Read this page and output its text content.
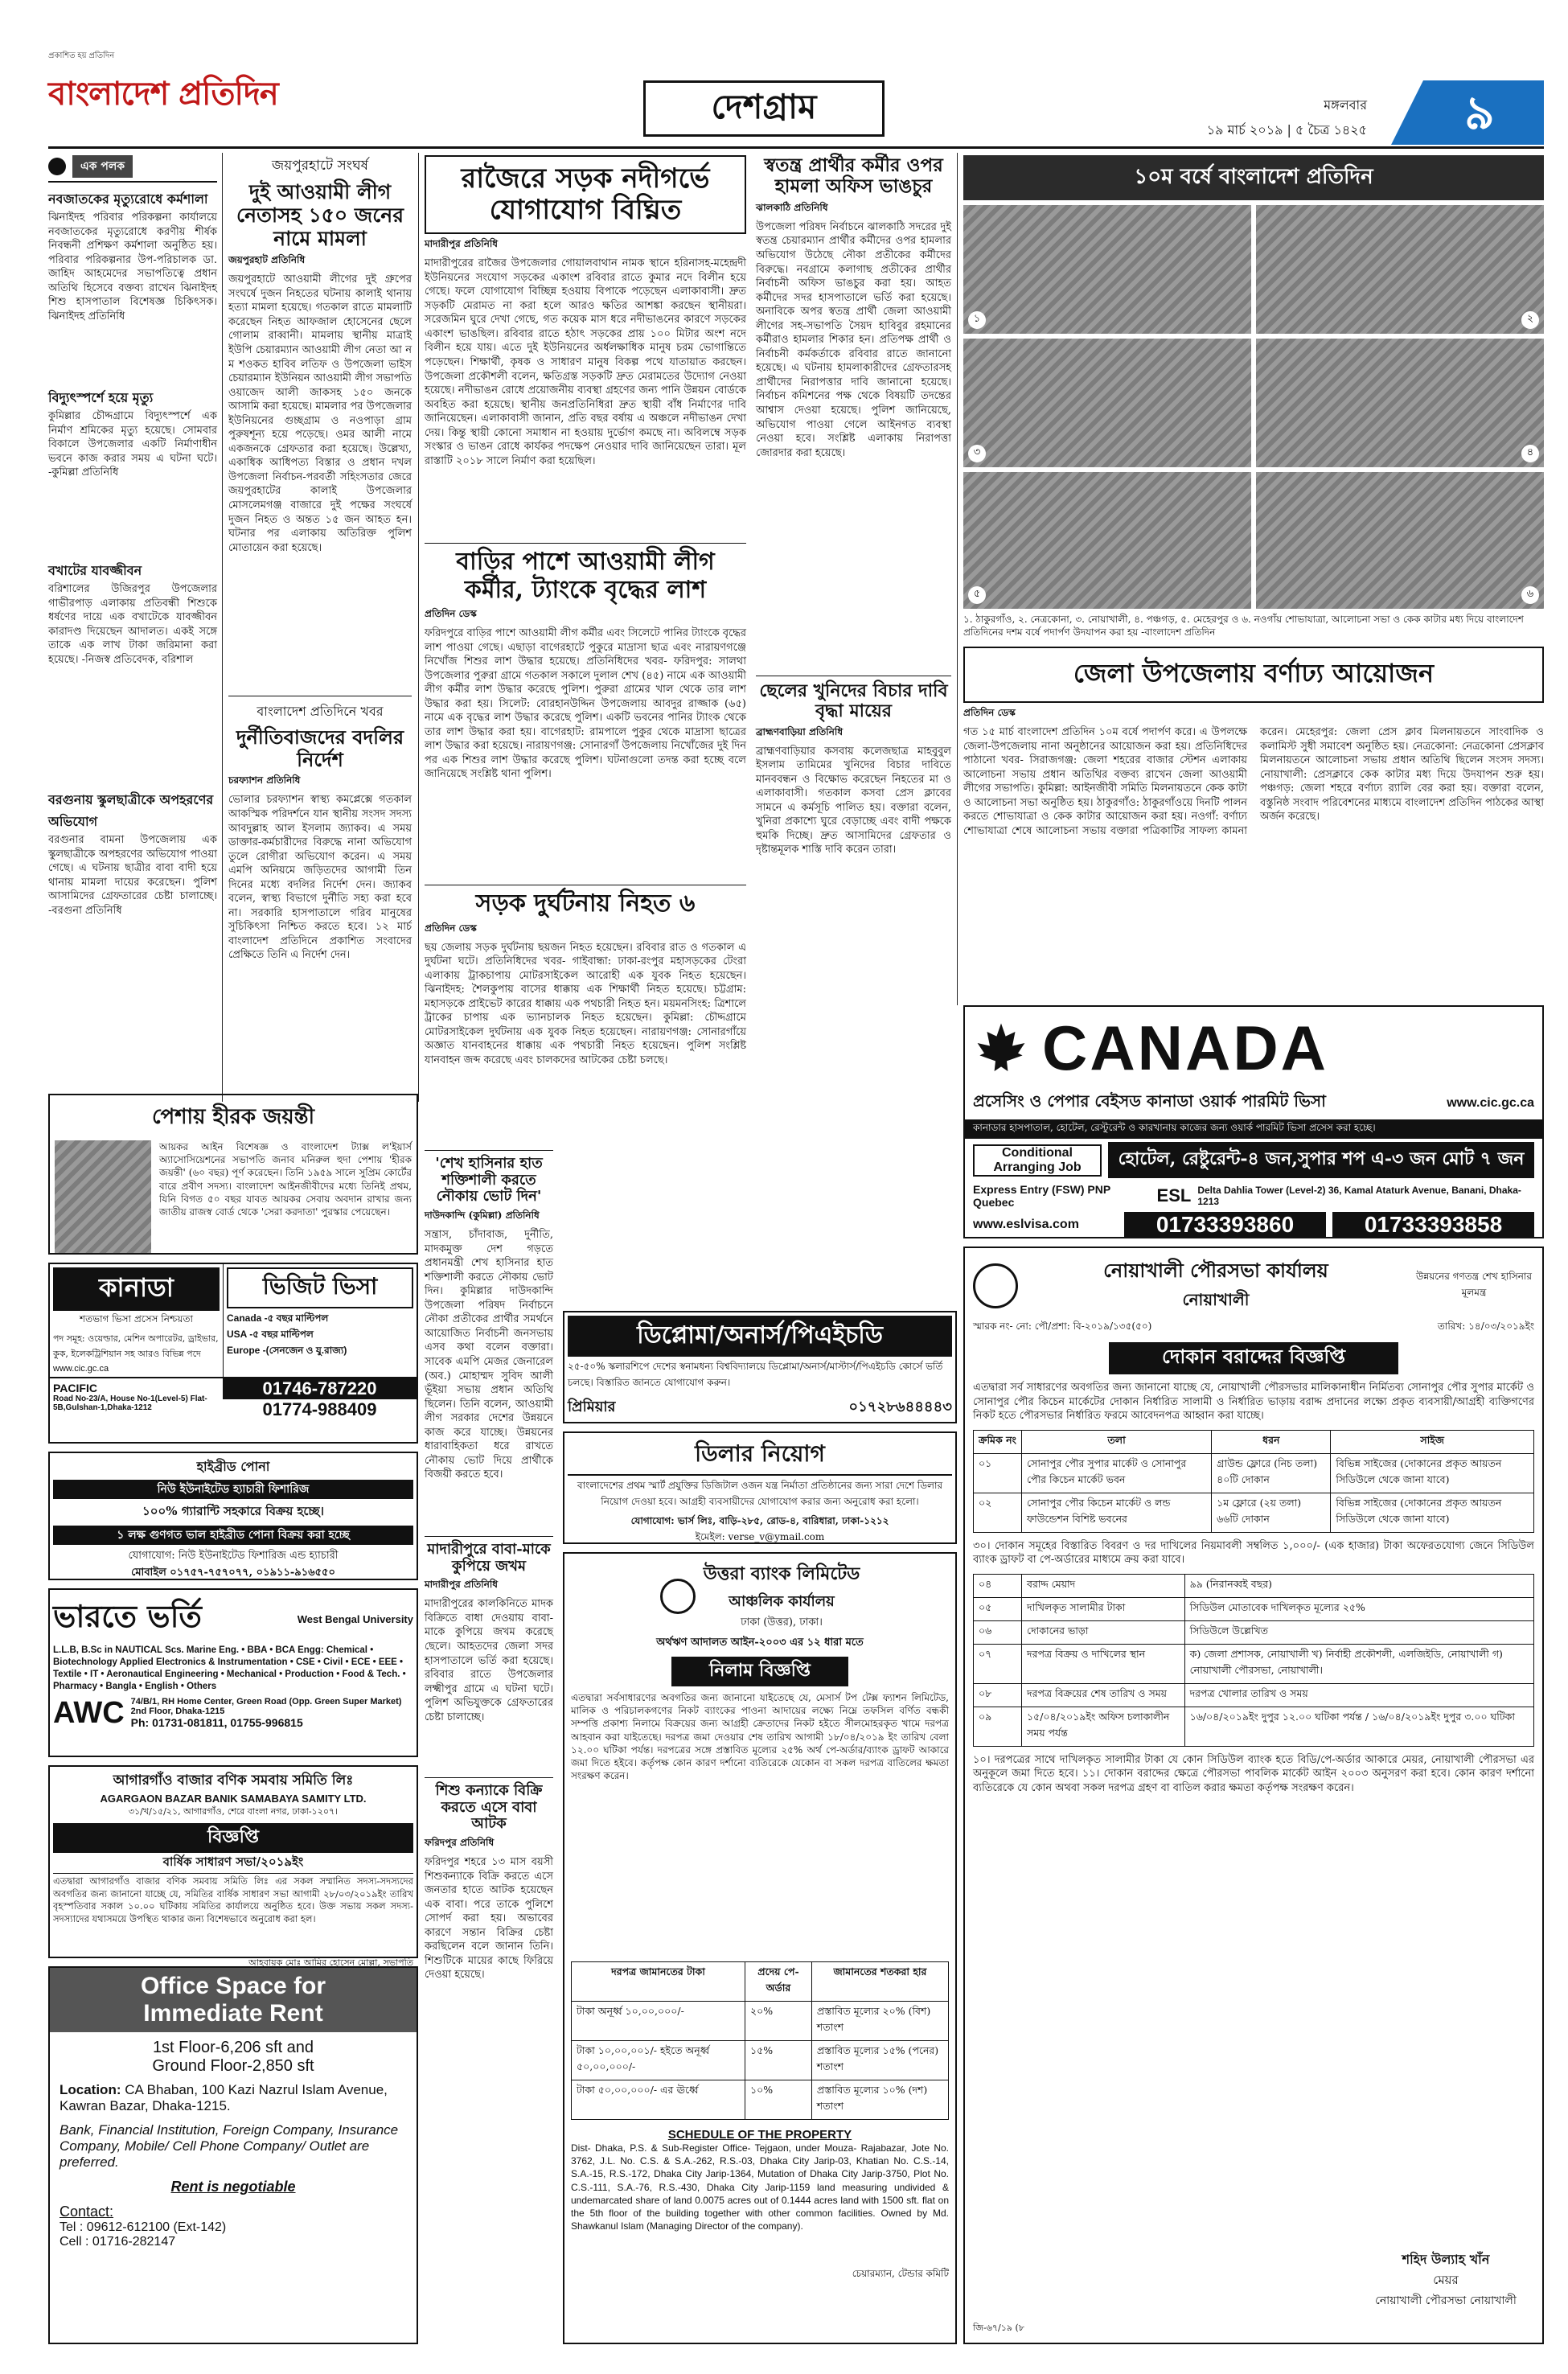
প্রকাশিত হয় প্রতিদিন
বাংলাদেশ প্রতিদিন	দেশগ্রাম	মঙ্গলবার
১৯ মার্চ ২০১৯ | ৫ চৈত্র ১৪২৫	৯
এক পলক
নবজাতকের মৃত্যুরোধে কর্মশালা
ঝিনাইদহ পরিবার পরিকল্পনা কার্যালয়ে নবজাতকের মৃত্যুরোধে করণীয় শীর্ষক নিবন্ধনী প্রশিক্ষণ কর্মশালা অনুষ্ঠিত হয়। পরিবার পরিকল্পনার উপ-পরিচালক ডা. জাহিদ আহমেদের সভাপতিত্বে প্রধান অতিথি হিসেবে বক্তব্য রাখেন ঝিনাইদহ শিশু হাসপাতাল বিশেষজ্ঞ চিকিৎসক। ঝিনাইদহ প্রতিনিধি
বিদ্যুৎস্পর্শে হয়ে মৃত্যু
কুমিল্লার চৌদ্দগ্রামে বিদ্যুৎস্পর্শে এক নির্মাণ শ্রমিকের মৃত্যু হয়েছে। সোমবার বিকালে উপজেলার একটি নির্মাণাধীন ভবনে কাজ করার সময় এ ঘটনা ঘটে। -কুমিল্লা প্রতিনিধি
বখাটের যাবজ্জীবন
বরিশালের উজিরপুর উপজেলার গাভীরপাড় এলাকায় প্রতিবন্ধী শিশুকে ধর্ষণের দায়ে এক বখাটেকে যাবজ্জীবন কারাদণ্ড দিয়েছেন আদালত। একই সঙ্গে তাকে এক লাখ টাকা জরিমানা করা হয়েছে। -নিজস্ব প্রতিবেদক, বরিশাল
বরগুনায় স্কুলছাত্রীকে অপহরণের অভিযোগ
বরগুনার বামনা উপজেলায় এক স্কুলছাত্রীকে অপহরণের অভিযোগ পাওয়া গেছে। এ ঘটনায় ছাত্রীর বাবা বাদী হয়ে থানায় মামলা দায়ের করেছেন। পুলিশ আসামিদের গ্রেফতারের চেষ্টা চালাচ্ছে। -বরগুনা প্রতিনিধি
জয়পুরহাটে সংঘর্ষ
দুই আওয়ামী লীগ নেতাসহ ১৫০ জনের নামে মামলা
জয়পুরহাট প্রতিনিধি
জয়পুরহাটে আওয়ামী লীগের দুই গ্রুপের সংঘর্ষে দুজন নিহতের ঘটনায় কালাই থানায় হত্যা মামলা হয়েছে। গতকাল রাতে মামলাটি করেছেন নিহত আফজাল হোসেনের ছেলে গোলাম রাব্বানী। মামলায় স্থানীয় মাত্রাই ইউপি চেয়ারম্যান আওয়ামী লীগ নেতা আ ন ম শওকত হাবিব লতিফ ও উপজেলা ভাইস চেয়ারম্যান ইউনিয়ন আওয়ামী লীগ সভাপতি ওয়াজেদ আলী জাকসহ ১৫০ জনকে আসামি করা হয়েছে। মামলার পর উপজেলার ইউনিয়নের গুচ্ছগ্রাম ও নওপাড়া গ্রাম পুরুষশূন্য হয়ে পড়েছে। ওমর আলী নামে একজনকে গ্রেফতার করা হয়েছে। উল্লেখ্য, একাধিক আধিপত্য বিস্তার ও প্রধান দখল উপজেলা নির্বাচন-পরবর্তী সহিংসতার জেরে জয়পুরহাটের কালাই উপজেলার মোসলেমগঞ্জ বাজারে দুই পক্ষের সংঘর্ষে দুজন নিহত ও অন্তত ১৫ জন আহত হন। ঘটনার পর এলাকায় অতিরিক্ত পুলিশ মোতায়েন করা হয়েছে।
বাংলাদেশ প্রতিদিনে খবর
দুর্নীতিবাজদের বদলির নির্দেশ
চরফ্যাশন প্রতিনিধি
ভোলার চরফ্যাশন স্বাস্থ্য কমপ্লেক্সে গতকাল আকস্মিক পরিদর্শনে যান স্থানীয় সংসদ সদস্য আবদুল্লাহ আল ইসলাম জ্যাকব। এ সময় ডাক্তার-কর্মচারীদের বিরুদ্ধে নানা অভিযোগ তুলে রোগীরা অভিযোগ করেন। এ সময় এমপি অনিয়মে জড়িতদের আগামী তিন দিনের মধ্যে বদলির নির্দেশ দেন। জ্যাকব বলেন, স্বাস্থ্য বিভাগে দুর্নীতি সহ্য করা হবে না। সরকারি হাসপাতালে গরিব মানুষের সুচিকিৎসা নিশ্চিত করতে হবে। ১২ মার্চ বাংলাদেশ প্রতিদিনে প্রকাশিত সংবাদের প্রেক্ষিতে তিনি এ নির্দেশ দেন।
রাজৈরে সড়ক নদীগর্ভে যোগাযোগ বিঘ্নিত
মাদারীপুর প্রতিনিধি
মাদারীপুরের রাজৈর উপজেলার গোয়ালবাথান নামক স্থানে হরিনাসহ-মহেন্দ্রদী ইউনিয়নের সংযোগ সড়কের একাংশ রবিবার রাতে কুমার নদে বিলীন হয়ে গেছে। ফলে যোগাযোগ বিচ্ছিন্ন হওয়ায় বিপাকে পড়েছেন এলাকাবাসী। দ্রুত সড়কটি মেরামত না করা হলে আরও ক্ষতির আশঙ্কা করছেন স্থানীয়রা। সরেজমিন ঘুরে দেখা গেছে, গত কয়েক মাস ধরে নদীভাঙনের কারণে সড়কের একাংশ ভাঙছিল। রবিবার রাতে হঠাৎ সড়কের প্রায় ১০০ মিটার অংশ নদে বিলীন হয়ে যায়। এতে দুই ইউনিয়নের অর্ধলক্ষাধিক মানুষ চরম ভোগান্তিতে পড়েছেন। শিক্ষার্থী, কৃষক ও সাধারণ মানুষ বিকল্প পথে যাতায়াত করছেন। উপজেলা প্রকৌশলী বলেন, ক্ষতিগ্রস্ত সড়কটি দ্রুত মেরামতের উদ্যোগ নেওয়া হয়েছে। নদীভাঙন রোধে প্রয়োজনীয় ব্যবস্থা গ্রহণের জন্য পানি উন্নয়ন বোর্ডকে অবহিত করা হয়েছে। স্থানীয় জনপ্রতিনিধিরা দ্রুত স্থায়ী বাঁধ নির্মাণের দাবি জানিয়েছেন। এলাকাবাসী জানান, প্রতি বছর বর্ষায় এ অঞ্চলে নদীভাঙন দেখা দেয়। কিন্তু স্থায়ী কোনো সমাধান না হওয়ায় দুর্ভোগ কমছে না। অবিলম্বে সড়ক সংস্কার ও ভাঙন রোধে কার্যকর পদক্ষেপ নেওয়ার দাবি জানিয়েছেন তারা। মূল রাস্তাটি ২০১৮ সালে নির্মাণ করা হয়েছিল।
স্বতন্ত্র প্রার্থীর কর্মীর ওপর হামলা অফিস ভাঙচুর
ঝালকাঠি প্রতিনিধি
উপজেলা পরিষদ নির্বাচনে ঝালকাঠি সদরের দুই স্বতন্ত্র চেয়ারম্যান প্রার্থীর কর্মীদের ওপর হামলার অভিযোগ উঠেছে নৌকা প্রতীকের কর্মীদের বিরুদ্ধে। নবগ্রামে কলাগাছ প্রতীকের প্রার্থীর নির্বাচনী অফিস ভাঙচুর করা হয়। আহত কর্মীদের সদর হাসপাতালে ভর্তি করা হয়েছে। অনাবিকে অপর স্বতন্ত্র প্রার্থী জেলা আওয়ামী লীগের সহ-সভাপতি সৈয়দ হাবিবুর রহমানের কর্মীরাও হামলার শিকার হন। প্রতিপক্ষ প্রার্থী ও নির্বাচনী কর্মকর্তাকে রবিবার রাতে জানানো হয়েছে। এ ঘটনায় হামলাকারীদের গ্রেফতারসহ প্রার্থীদের নিরাপত্তার দাবি জানানো হয়েছে। নির্বাচন কমিশনের পক্ষ থেকে বিষয়টি তদন্তের আশ্বাস দেওয়া হয়েছে। পুলিশ জানিয়েছে, অভিযোগ পাওয়া গেলে আইনগত ব্যবস্থা নেওয়া হবে। সংশ্লিষ্ট এলাকায় নিরাপত্তা জোরদার করা হয়েছে।
বাড়ির পাশে আওয়ামী লীগ কর্মীর, ট্যাংকে বৃদ্ধের লাশ
প্রতিদিন ডেস্ক
ফরিদপুরে বাড়ির পাশে আওয়ামী লীগ কর্মীর এবং সিলেটে পানির ট্যাংকে বৃদ্ধের লাশ পাওয়া গেছে। এছাড়া বাগেরহাটে পুকুরে মাদ্রাসা ছাত্র এবং নারায়ণগঞ্জে নিখোঁজ শিশুর লাশ উদ্ধার হয়েছে। প্রতিনিধিদের খবর- ফরিদপুর: সালথা উপজেলার পুরুরা গ্রামে গতকাল সকালে দুলাল শেখ (৪৫) নামে এক আওয়ামী লীগ কর্মীর লাশ উদ্ধার করেছে পুলিশ। পুরুরা গ্রামের খাল থেকে তার লাশ উদ্ধার করা হয়। সিলেট: বোরহানউদ্দিন উপজেলায় আবদুর রাজ্জাক (৬৫) নামে এক বৃদ্ধের লাশ উদ্ধার করেছে পুলিশ। একটি ভবনের পানির ট্যাংক থেকে তার লাশ উদ্ধার করা হয়। বাগেরহাট: রামপালে পুকুর থেকে মাদ্রাসা ছাত্রের লাশ উদ্ধার করা হয়েছে। নারায়ণগঞ্জ: সোনারগাঁ উপজেলায় নিখোঁজের দুই দিন পর এক শিশুর লাশ উদ্ধার করেছে পুলিশ। ঘটনাগুলো তদন্ত করা হচ্ছে বলে জানিয়েছে সংশ্লিষ্ট থানা পুলিশ।
ছেলের খুনিদের বিচার দাবি বৃদ্ধা মায়ের
ব্রাহ্মণবাড়িয়া প্রতিনিধি
ব্রাহ্মণবাড়িয়ার কসবায় কলেজছাত্র মাহবুবুল ইসলাম তামিমের খুনিদের বিচার দাবিতে মানববন্ধন ও বিক্ষোভ করেছেন নিহতের মা ও এলাকাবাসী। গতকাল কসবা প্রেস ক্লাবের সামনে এ কর্মসূচি পালিত হয়। বক্তারা বলেন, খুনিরা প্রকাশ্যে ঘুরে বেড়াচ্ছে এবং বাদী পক্ষকে হুমকি দিচ্ছে। দ্রুত আসামিদের গ্রেফতার ও দৃষ্টান্তমূলক শাস্তি দাবি করেন তারা।
সড়ক দুর্ঘটনায় নিহত ৬
প্রতিদিন ডেস্ক
ছয় জেলায় সড়ক দুর্ঘটনায় ছয়জন নিহত হয়েছেন। রবিবার রাত ও গতকাল এ দুর্ঘটনা ঘটে। প্রতিনিধিদের খবর- গাইবান্ধা: ঢাকা-রংপুর মহাসড়কের টেংরা এলাকায় ট্রাকচাপায় মোটরসাইকেল আরোহী এক যুবক নিহত হয়েছেন। ঝিনাইদহ: শৈলকুপায় বাসের ধাক্কায় এক শিক্ষার্থী নিহত হয়েছে। চট্টগ্রাম: মহাসড়কে প্রাইভেট কারের ধাক্কায় এক পথচারী নিহত হন। ময়মনসিংহ: ত্রিশালে ট্রাকের চাপায় এক ভ্যানচালক নিহত হয়েছেন। কুমিল্লা: চৌদ্দগ্রামে মোটরসাইকেল দুর্ঘটনায় এক যুবক নিহত হয়েছেন। নারায়ণগঞ্জ: সোনারগাঁয়ে অজ্ঞাত যানবাহনের ধাক্কায় এক পথচারী নিহত হয়েছেন। পুলিশ সংশ্লিষ্ট যানবাহন জব্দ করেছে এবং চালকদের আটকের চেষ্টা চলছে।
১০ম বর্ষে বাংলাদেশ প্রতিদিন
১	২
৩	৪
৫	৬
১. ঠাকুরগাঁও, ২. নেত্রকোনা, ৩. নোয়াখালী, ৪. পঞ্চগড়, ৫. মেহেরপুর ও ৬. নওগাঁয় শোভাযাত্রা, আলোচনা সভা ও কেক কাটার মধ্য দিয়ে বাংলাদেশ প্রতিদিনের দশম বর্ষে পদার্পণ উদযাপন করা হয় -বাংলাদেশ প্রতিদিন
জেলা উপজেলায় বর্ণাঢ্য আয়োজন
প্রতিদিন ডেস্ক
গত ১৫ মার্চ বাংলাদেশ প্রতিদিন ১০ম বর্ষে পদার্পণ করে। এ উপলক্ষে জেলা-উপজেলায় নানা অনুষ্ঠানের আয়োজন করা হয়। প্রতিনিধিদের পাঠানো খবর- সিরাজগঞ্জ: জেলা শহরের বাজার স্টেশন এলাকায় আলোচনা সভায় প্রধান অতিথির বক্তব্য রাখেন জেলা আওয়ামী লীগের সভাপতি। কুমিল্লা: আইনজীবী সমিতি মিলনায়তনে কেক কাটা ও আলোচনা সভা অনুষ্ঠিত হয়। ঠাকুরগাঁও: ঠাকুরগাঁওয়ে দিনটি পালন করতে শোভাযাত্রা ও কেক কাটার আয়োজন করা হয়। নওগাঁ: বর্ণাঢ্য শোভাযাত্রা শেষে আলোচনা সভায় বক্তারা পত্রিকাটির সাফল্য কামনা করেন। মেহেরপুর: জেলা প্রেস ক্লাব মিলনায়তনে সাংবাদিক ও কলামিস্ট সুধী সমাবেশ অনুষ্ঠিত হয়। নেত্রকোনা: নেত্রকোনা প্রেসক্লাব মিলনায়তনে আলোচনা সভায় প্রধান অতিথি ছিলেন সংসদ সদস্য। নোয়াখালী: প্রেসক্লাবে কেক কাটার মধ্য দিয়ে উদযাপন শুরু হয়। পঞ্চগড়: জেলা শহরে বর্ণাঢ্য র‍্যালি বের করা হয়। বক্তারা বলেন, বস্তুনিষ্ঠ সংবাদ পরিবেশনের মাধ্যমে বাংলাদেশ প্রতিদিন পাঠকের আস্থা অর্জন করেছে।
পেশায় হীরক জয়ন্তী
আয়কর আইন বিশেষজ্ঞ ও বাংলাদেশ ট্যাক্স ল'ইয়ার্স অ্যাসোসিয়েশনের সভাপতি জনাব মনিরুল হুদা পেশায় 'হীরক জয়ন্তী' (৬০ বছর) পূর্ণ করেছেন। তিনি ১৯৫৯ সালে সুপ্রিম কোর্টের বারে প্রবীণ সদস্য। বাংলাদেশ আইনজীবীদের মধ্যে তিনিই প্রথম, যিনি বিগত ৫০ বছর যাবত আয়কর সেবায় অবদান রাখার জন্য জাতীয় রাজস্ব বোর্ড থেকে 'সেরা করদাতা' পুরস্কার পেয়েছেন।
কানাডা
শতভাগ ভিসা প্রসেস নিশ্চয়তা
পদ সমূহ: ওয়েল্ডার, মেশিন অপারেটর, ড্রাইভার, কুক, ইলেকট্রিশিয়ান সহ আরও বিভিন্ন পদে
www.cic.gc.ca
ভিজিট ভিসা
Canada -৫ বছর মাল্টিপল
USA -৫ বছর মাল্টিপল
Europe -(সেনজেন ও যু.রাজ্য)
PACIFIC
Road No-23/A, House No-1(Level-5) Flat-5B,Gulshan-1,Dhaka-1212
01746-787220
01774-988409
হাইব্রীড পোনা
নিউ ইউনাইটেড হ্যাচারী ফিশারিজ
১০০% গ্যারান্টি সহকারে বিক্রয় হচ্ছে।
১ লক্ষ গুণগত ভাল হাইব্রীড পোনা বিক্রয় করা হচ্ছে
যোগাযোগ: নিউ ইউনাইটেড ফিশারিজ এন্ড হ্যাচারী
মোবাইল ০১৭৫৭-৭৫৭০৭৭, ০১৯১১-৯১৬৫৫০
ভারতে ভর্তি	West Bengal University
L.L.B, B.Sc in NAUTICAL Scs. Marine Eng. • BBA • BCA Engg: Chemical • Biotechnology Applied Electronics & Instrumentation • CSE • Civil • ECE • EEE • Textile • IT • Aeronautical Engineering • Mechanical • Production • Food & Tech. • Pharmacy • Bangla • English • Others
AWC 74/B/1, RH Home Center, Green Road (Opp. Green Super Market) 2nd Floor, Dhaka-1215
Ph: 01731-081811, 01755-996815
আগারগাঁও বাজার বণিক সমবায় সমিতি লিঃ
AGARGAON BAZAR BANIK SAMABAYA SAMITY LTD.
৩১/খ/১৫/২১, আগারগাঁও, শেরে বাংলা নগর, ঢাকা-১২০৭।
বিজ্ঞপ্তি
বার্ষিক সাধারণ সভা/২০১৯ইং
এতদ্বারা আগারগাঁও বাজার বণিক সমবায় সমিতি লিঃ এর সকল সম্মানিত সদস্য-সদস্যদের অবগতির জন্য জানানো যাচ্ছে যে, সমিতির বার্ষিক সাধারণ সভা আগামী ২৮/০৩/২০১৯ইং তারিখ বৃহস্পতিবার সকাল ১০.০০ ঘটিকায় সমিতির কার্যালয়ে অনুষ্ঠিত হবে। উক্ত সভায় সকল সদস্য-সদস্যাদের যথাসময়ে উপস্থিত থাকার জন্য বিশেষভাবে অনুরোধ করা হল।
আহবায়ক মোঃ আমির হোসেন মোল্লা, সভাপতি
Office Space for
Immediate Rent
1st Floor-6,206 sft and
Ground Floor-2,850 sft
Location: CA Bhaban, 100 Kazi Nazrul Islam Avenue, Kawran Bazar, Dhaka-1215.
Bank, Financial Institution, Foreign Company, Insurance Company, Mobile/ Cell Phone Company/ Outlet are preferred.
Rent is negotiable
Contact:
Tel : 09612-612100 (Ext-142)
Cell : 01716-282147
'শেখ হাসিনার হাত শক্তিশালী করতে নৌকায় ভোট দিন'
দাউদকান্দি (কুমিল্লা) প্রতিনিধি
সন্ত্রাস, চাঁদাবাজ, দুর্নীতি, মাদকমুক্ত দেশ গড়তে প্রধানমন্ত্রী শেখ হাসিনার হাত শক্তিশালী করতে নৌকায় ভোট দিন। কুমিল্লার দাউদকান্দি উপজেলা পরিষদ নির্বাচনে নৌকা প্রতীকের প্রার্থীর সমর্থনে আয়োজিত নির্বাচনী জনসভায় এসব কথা বলেন বক্তারা। সাবেক এমপি মেজর জেনারেল (অব.) মোহাম্মদ সুবিদ আলী ভূঁইয়া সভায় প্রধান অতিথি ছিলেন। তিনি বলেন, আওয়ামী লীগ সরকার দেশের উন্নয়নে কাজ করে যাচ্ছে। উন্নয়নের ধারাবাহিকতা ধরে রাখতে নৌকায় ভোট দিয়ে প্রার্থীকে বিজয়ী করতে হবে।
ডিপ্লোমা/অনার্স/পিএইচডি
২৫-৫০% স্কলারশিপে দেশের স্বনামধন্য বিশ্ববিদ্যালয়ে ডিপ্লোমা/অনার্স/মাস্টার্স/পিএইচডি কোর্সে ভর্তি চলছে। বিস্তারিত জানতে যোগাযোগ করুন।
প্রিমিয়ার	০১৭২৮৬৪৪৪৪৩
ডিলার নিয়োগ
বাংলাদেশের প্রথম স্মার্ট প্রযুক্তির ডিজিটাল ওজন যন্ত্র নির্মাতা প্রতিষ্ঠানের জন্য সারা দেশে ডিলার নিয়োগ দেওয়া হবে। আগ্রহী ব্যবসায়ীদের যোগাযোগ করার জন্য অনুরোধ করা হলো।
যোগাযোগ: ভার্স লিঃ, বাড়ি-২৮৫, রোড-৪, বারিধারা, ঢাকা-১২১২
ইমেইল: verse_v@ymail.com
মাদারীপুরে বাবা-মাকে কুপিয়ে জখম
মাদারীপুর প্রতিনিধি
মাদারীপুরের কালকিনিতে মাদক বিক্রিতে বাধা দেওয়ায় বাবা-মাকে কুপিয়ে জখম করেছে ছেলে। আহতদের জেলা সদর হাসপাতালে ভর্তি করা হয়েছে। রবিবার রাতে উপজেলার লক্ষ্মীপুর গ্রামে এ ঘটনা ঘটে। পুলিশ অভিযুক্তকে গ্রেফতারের চেষ্টা চালাচ্ছে।
শিশু কন্যাকে বিক্রি করতে এসে বাবা আটক
ফরিদপুর প্রতিনিধি
ফরিদপুর শহরে ১৩ মাস বয়সী শিশুকন্যাকে বিক্রি করতে এসে জনতার হাতে আটক হয়েছেন এক বাবা। পরে তাকে পুলিশে সোপর্দ করা হয়। অভাবের কারণে সন্তান বিক্রির চেষ্টা করছিলেন বলে জানান তিনি। শিশুটিকে মায়ের কাছে ফিরিয়ে দেওয়া হয়েছে।
উত্তরা ব্যাংক লিমিটেড
আঞ্চলিক কার্যালয়
ঢাকা (উত্তর), ঢাকা।
অর্থঋণ আদালত আইন-২০০৩ এর ১২ ধারা মতে
নিলাম বিজ্ঞপ্তি
এতদ্বারা সর্বসাধারণের অবগতির জন্য জানানো যাইতেছে যে, মেসার্স টপ টেক্স ফ্যাশন লিমিটেড, মালিক ও পরিচালকগণের নিকট ব্যাংকের পাওনা আদায়ের লক্ষ্যে নিম্নে তফসিল বর্ণিত বন্ধকী সম্পত্তি প্রকাশ্য নিলামে বিক্রয়ের জন্য আগ্রহী ক্রেতাদের নিকট হইতে সীলমোহরকৃত খামে দরপত্র আহবান করা যাইতেছে। দরপত্র জমা দেওয়ার শেষ তারিখ আগামী ১৮/০৪/২০১৯ ইং তারিখ বেলা ১২.০০ ঘটিকা পর্যন্ত। দরপত্রের সঙ্গে প্রস্তাবিত মূল্যের ২৫% অর্থ পে-অর্ডার/ব্যাংক ড্রাফট আকারে জমা দিতে হইবে। কর্তৃপক্ষ কোন কারণ দর্শানো ব্যতিরেকে যেকোন বা সকল দরপত্র বাতিলের ক্ষমতা সংরক্ষণ করেন।
দরপত্র জামানতের টাকা	প্রদেয় পে-অর্ডার	জামানতের শতকরা হার
টাকা অনূর্ধ্ব ১০,০০,০০০/-	২০%	প্রস্তাবিত মূল্যের ২০% (বিশ) শতাংশ
টাকা ১০,০০,০০১/- হইতে অনূর্ধ্ব ৫০,০০,০০০/-	১৫%	প্রস্তাবিত মূল্যের ১৫% (পনের) শতাংশ
টাকা ৫০,০০,০০০/- এর ঊর্ধ্বে	১০%	প্রস্তাবিত মূল্যের ১০% (দশ) শতাংশ
SCHEDULE OF THE PROPERTY
Dist- Dhaka, P.S. & Sub-Register Office- Tejgaon, under Mouza- Rajabazar, Jote No. 3762, J.L. No. C.S. & S.A.-262, R.S.-03, Dhaka City Jarip-03, Khatian No. C.S.-14, S.A.-15, R.S.-172, Dhaka City Jarip-1364, Mutation of Dhaka City Jarip-3750, Plot No. C.S.-111, S.A.-76, R.S.-430, Dhaka City Jarip-1159 land measuring undivided & undemarcated share of land 0.0075 acres out of 0.1444 acres land with 1500 sft. flat on the 5th floor of the building together with other common facilities. Owned by Md. Shawkanul Islam (Managing Director of the company).
চেয়ারম্যান, টেন্ডার কমিটি
CANADA
প্রসেসিং ও পেপার বেইসড কানাডা ওয়ার্ক পারমিট ভিসা	www.cic.gc.ca
কানাডার হাসপাতাল, হোটেল, রেস্টুরেন্ট ও কারখানায় কাজের জন্য ওয়ার্ক পারমিট ভিসা প্রসেস করা হচ্ছে।
Conditional Arranging Job	হোটেল, রেষ্টুরেন্ট-৪ জন,সুপার শপ এ-৩ জন মোট ৭ জন
Express Entry (FSW) PNP Quebec	ESL Delta Dahlia Tower (Level-2) 36, Kamal Ataturk Avenue, Banani, Dhaka-1213
www.eslvisa.com	01733393860	01733393858
নোয়াখালী পৌরসভা কার্যালয়
নোয়াখালী
উন্নয়নের গণতন্ত্র শেখ হাসিনার মূলমন্ত্র
স্মারক নং- নো: পৌ/প্রশা: বি-২০১৯/১৩৫(৫০)	তারিখ: ১৪/০৩/২০১৯ইং
দোকান বরাদ্দের বিজ্ঞপ্তি
এতদ্বারা সর্ব সাধারণের অবগতির জন্য জানানো যাচ্ছে যে, নোয়াখালী পৌরসভার মালিকানাধীন নির্মিতব্য সোনাপুর পৌর সুপার মার্কেট ও সোনাপুর পৌর কিচেন মার্কেটের দোকান নির্ধারিত সালামী ও নির্ধারিত ভাড়ায় বরাদ্দ প্রদানের লক্ষ্যে প্রকৃত ব্যবসায়ী/আগ্রহী ব্যক্তিগণের নিকট হতে পৌরসভার নির্ধারিত ফরমে আবেদনপত্র আহ্বান করা যাচ্ছে।
ক্রমিক নং	তলা	ধরন	সাইজ
০১	সোনাপুর পৌর সুপার মার্কেট ও সোনাপুর পৌর কিচেন মার্কেট ভবন	গ্রাউন্ড ফ্লোরে (নিচ তলা) ৪০টি দোকান	বিভিন্ন সাইজের (দোকানের প্রকৃত আয়তন সিডিউলে থেকে জানা যাবে)
০২	সোনাপুর পৌর কিচেন মার্কেট ও লন্ড ফাউন্ডেশন বিশিষ্ট ভবনের	১ম ফ্লোরে (২য় তলা) ৬৬টি দোকান	বিভিন্ন সাইজের (দোকানের প্রকৃত আয়তন সিডিউলে থেকে জানা যাবে)
৩০। দোকান সমূহের বিস্তারিত বিবরণ ও দর দাখিলের নিয়মাবলী সম্বলিত ১,০০০/- (এক হাজার) টাকা অফেরতযোগ্য জেনে সিডিউল ব্যাংক ড্রাফট বা পে-অর্ডারের মাধ্যমে ক্রয় করা যাবে।
০৪	বরাদ্দ মেয়াদ	৯৯ (নিরানব্বই বছর)
০৫	দাখিলকৃত সালামীর টাকা	সিডিউল মোতাবেক দাখিলকৃত মূল্যের ২৫%
০৬	দোকানের ভাড়া	সিডিউলে উল্লেখিত
০৭	দরপত্র বিক্রয় ও দাখিলের স্থান	ক) জেলা প্রশাসক, নোয়াখালী খ) নির্বাহী প্রকৌশলী, এলজিইডি, নোয়াখালী গ) নোয়াখালী পৌরসভা, নোয়াখালী।
০৮	দরপত্র বিক্রয়ের শেষ তারিখ ও সময়	দরপত্র খোলার তারিখ ও সময়
০৯	১৫/০৪/২০১৯ইং অফিস চলাকালীন সময় পর্যন্ত	১৬/০৪/২০১৯ইং দুপুর ১২.০০ ঘটিকা পর্যন্ত / ১৬/০৪/২০১৯ইং দুপুর ৩.০০ ঘটিকা
১০। দরপত্রের সাথে দাখিলকৃত সালামীর টাকা যে কোন সিডিউল ব্যাংক হতে বিডি/পে-অর্ডার আকারে মেয়র, নোয়াখালী পৌরসভা এর অনুকূলে জমা দিতে হবে। ১১। দোকান বরাদ্দের ক্ষেত্রে পৌরসভা পাবলিক মার্কেট আইন ২০০৩ অনুসরণ করা হবে। কোন কারণ দর্শানো ব্যতিরেকে যে কোন অথবা সকল দরপত্র গ্রহণ বা বাতিল করার ক্ষমতা কর্তৃপক্ষ সংরক্ষণ করেন।
শহিদ উল্যাহ খাঁন
মেয়র
নোয়াখালী পৌরসভা নোয়াখালী
জি-৬৭/১৯ (৮
